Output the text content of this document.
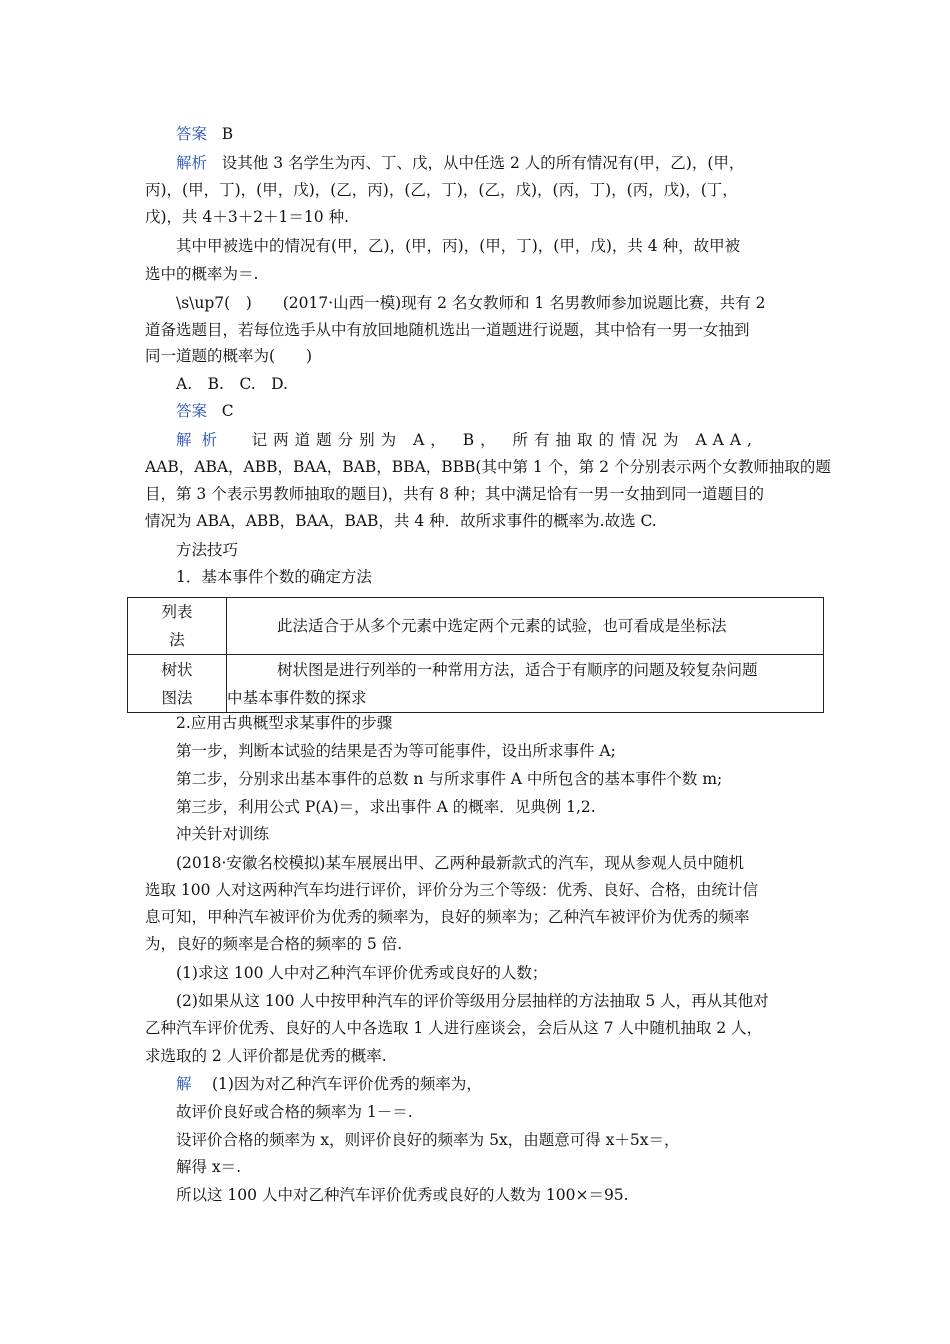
答案 B
解析 设其他 3 名学生为丙、丁、戊，从中任选 2 人的所有情况有(甲，乙)，(甲，
丙)，(甲，丁)，(甲，戊)，(乙，丙)，(乙，丁)，(乙，戊)，(丙，丁)，(丙，戊)，(丁，
戊)，共 4＋3＋2＋1＝10 种.
其中甲被选中的情况有(甲，乙)，(甲，丙)，(甲，丁)，(甲，戊)，共 4 种，故甲被
选中的概率为＝.
\s\up7(　)　　(2017·山西一模)现有 2 名女教师和 1 名男教师参加说题比赛，共有 2
道备选题目，若每位选手从中有放回地随机选出一道题进行说题，其中恰有一男一女抽到
同一道题的概率为(　　)
A.　B.　C.　D.
答案 C
解析 记两道题分别为 A， B， 所有抽取的情况为 AAA,
AAB，ABA，ABB，BAA，BAB，BBA，BBB(其中第 1 个，第 2 个分别表示两个女教师抽取的题
目，第 3 个表示男教师抽取的题目)，共有 8 种；其中满足恰有一男一女抽到同一道题目的
情况为 ABA，ABB，BAA，BAB，共 4 种．故所求事件的概率为.故选 C.
方法技巧
1．基本事件个数的确定方法
列表
法	此法适合于从多个元素中选定两个元素的试验，也可看成是坐标法

树状
图法	树状图是进行列举的一种常用方法，适合于有顺序的问题及较复杂问题
中基本事件数的探求
2.应用古典概型求某事件的步骤
第一步，判断本试验的结果是否为等可能事件，设出所求事件 A;
第二步，分别求出基本事件的总数 n 与所求事件 A 中所包含的基本事件个数 m;
第三步，利用公式 P(A)＝，求出事件 A 的概率．见典例 1,2.
冲关针对训练
(2018·安徽名校模拟)某车展展出甲、乙两种最新款式的汽车，现从参观人员中随机
选取 100 人对这两种汽车均进行评价，评价分为三个等级：优秀、良好、合格，由统计信
息可知，甲种汽车被评价为优秀的频率为，良好的频率为；乙种汽车被评价为优秀的频率
为，良好的频率是合格的频率的 5 倍.
(1)求这 100 人中对乙种汽车评价优秀或良好的人数；
(2)如果从这 100 人中按甲种汽车的评价等级用分层抽样的方法抽取 5 人，再从其他对
乙种汽车评价优秀、良好的人中各选取 1 人进行座谈会，会后从这 7 人中随机抽取 2 人，
求选取的 2 人评价都是优秀的概率.
解 　(1)因为对乙种汽车评价优秀的频率为，
故评价良好或合格的频率为 1－＝.
设评价合格的频率为 x，则评价良好的频率为 5x，由题意可得 x＋5x＝，
解得 x＝.
所以这 100 人中对乙种汽车评价优秀或良好的人数为 100×＝95.
